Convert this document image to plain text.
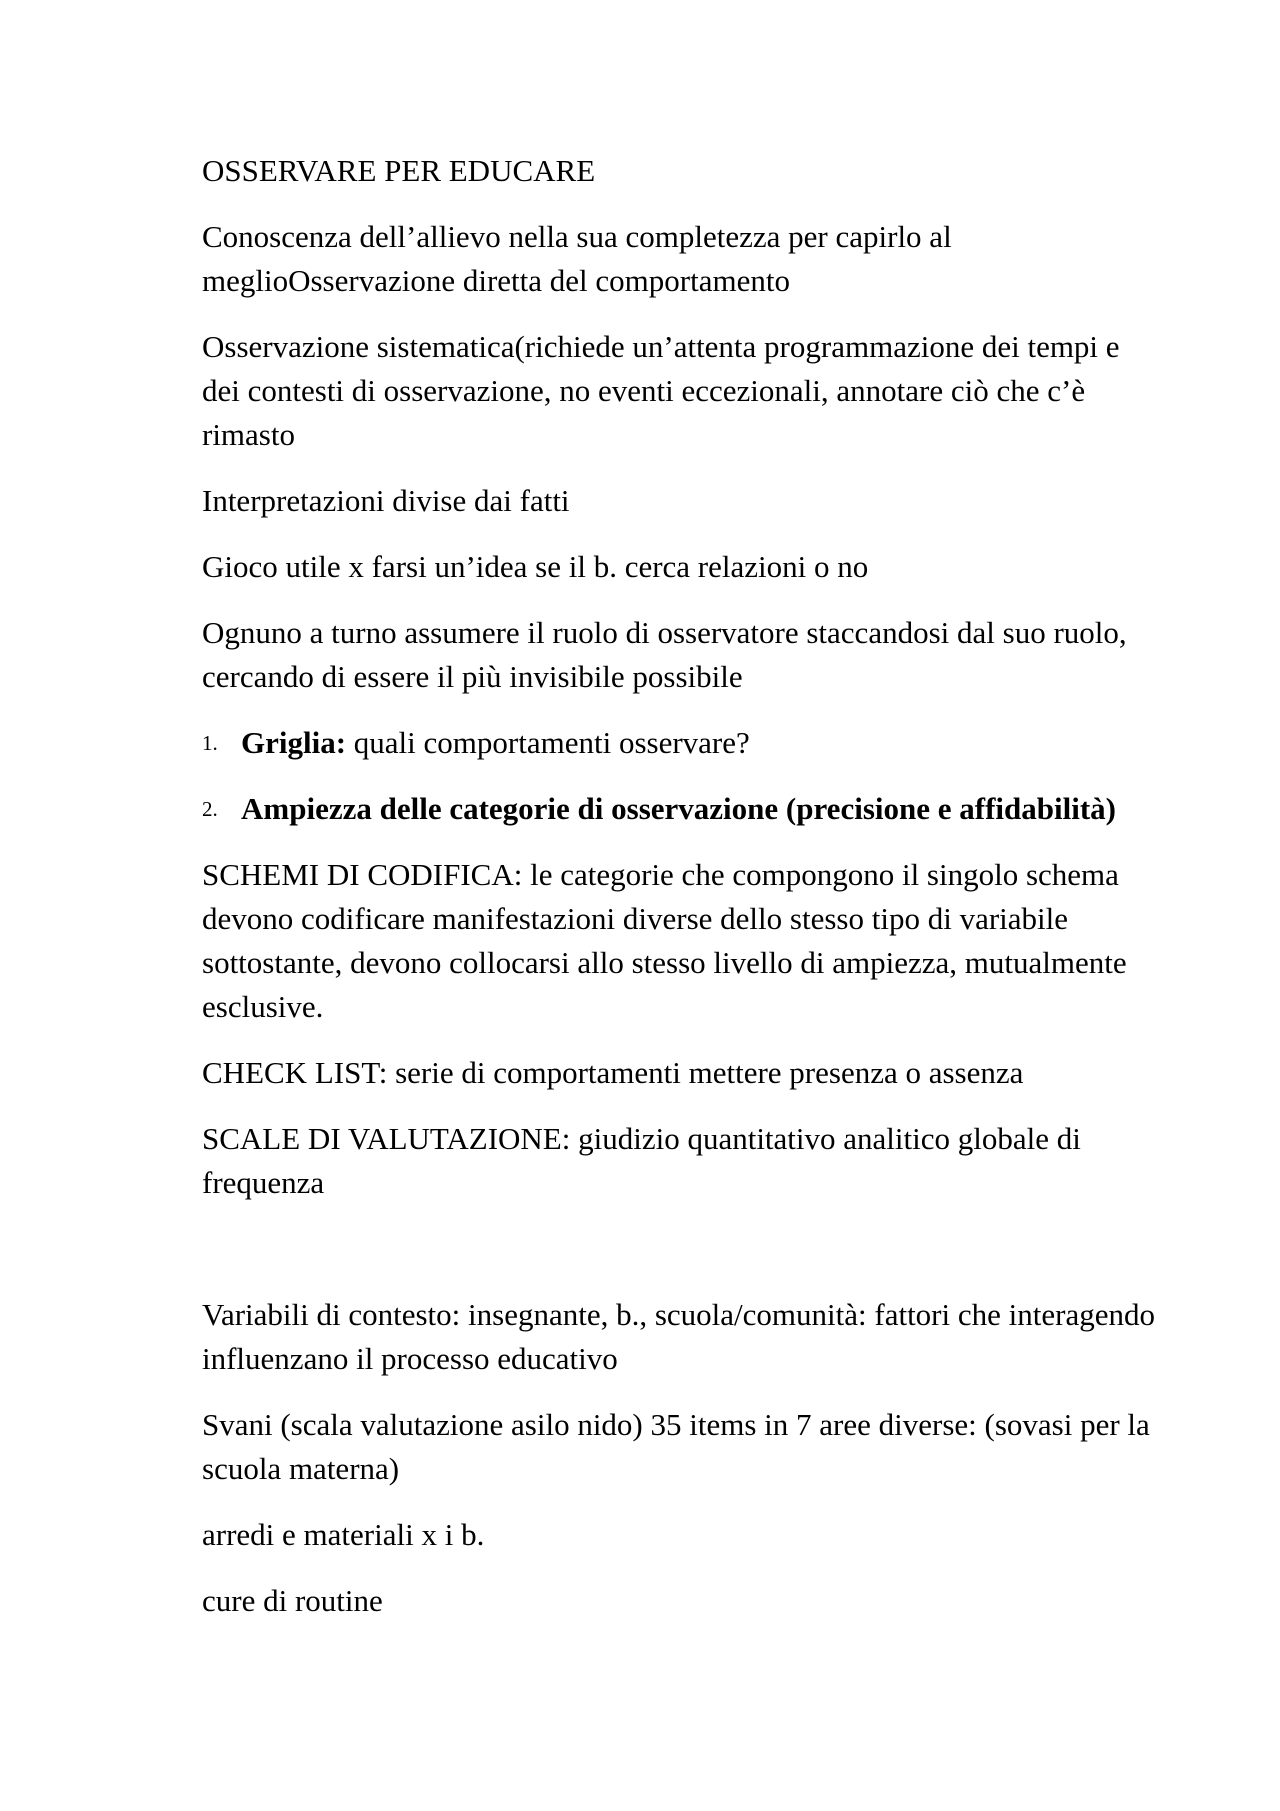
OSSERVARE PER EDUCARE

Conoscenza dell’allievo nella sua completezza per capirlo al meglioOsservazione diretta del comportamento

Osservazione sistematica(richiede un’attenta programmazione dei tempi e dei contesti di osservazione, no eventi eccezionali, annotare ciò che c’è rimasto

Interpretazioni divise dai fatti

Gioco utile x farsi un’idea se il b. cerca relazioni o no

Ognuno a turno assumere il ruolo di osservatore staccandosi dal suo ruolo, cercando di essere il più invisibile possibile

1. Griglia: quali comportamenti osservare?
2. Ampiezza delle categorie di osservazione (precisione e affidabilità)

SCHEMI DI CODIFICA: le categorie che compongono il singolo schema devono codificare manifestazioni diverse dello stesso tipo di variabile sottostante, devono collocarsi allo stesso livello di ampiezza, mutualmente esclusive.

CHECK LIST: serie di comportamenti mettere presenza o assenza

SCALE DI VALUTAZIONE: giudizio quantitativo analitico globale di frequenza

Variabili di contesto: insegnante, b., scuola/comunità: fattori che interagendo influenzano il processo educativo

Svani (scala valutazione asilo nido) 35 items in 7 aree diverse: (sovasi per la scuola materna)

arredi e materiali x i b.

cure di routine
